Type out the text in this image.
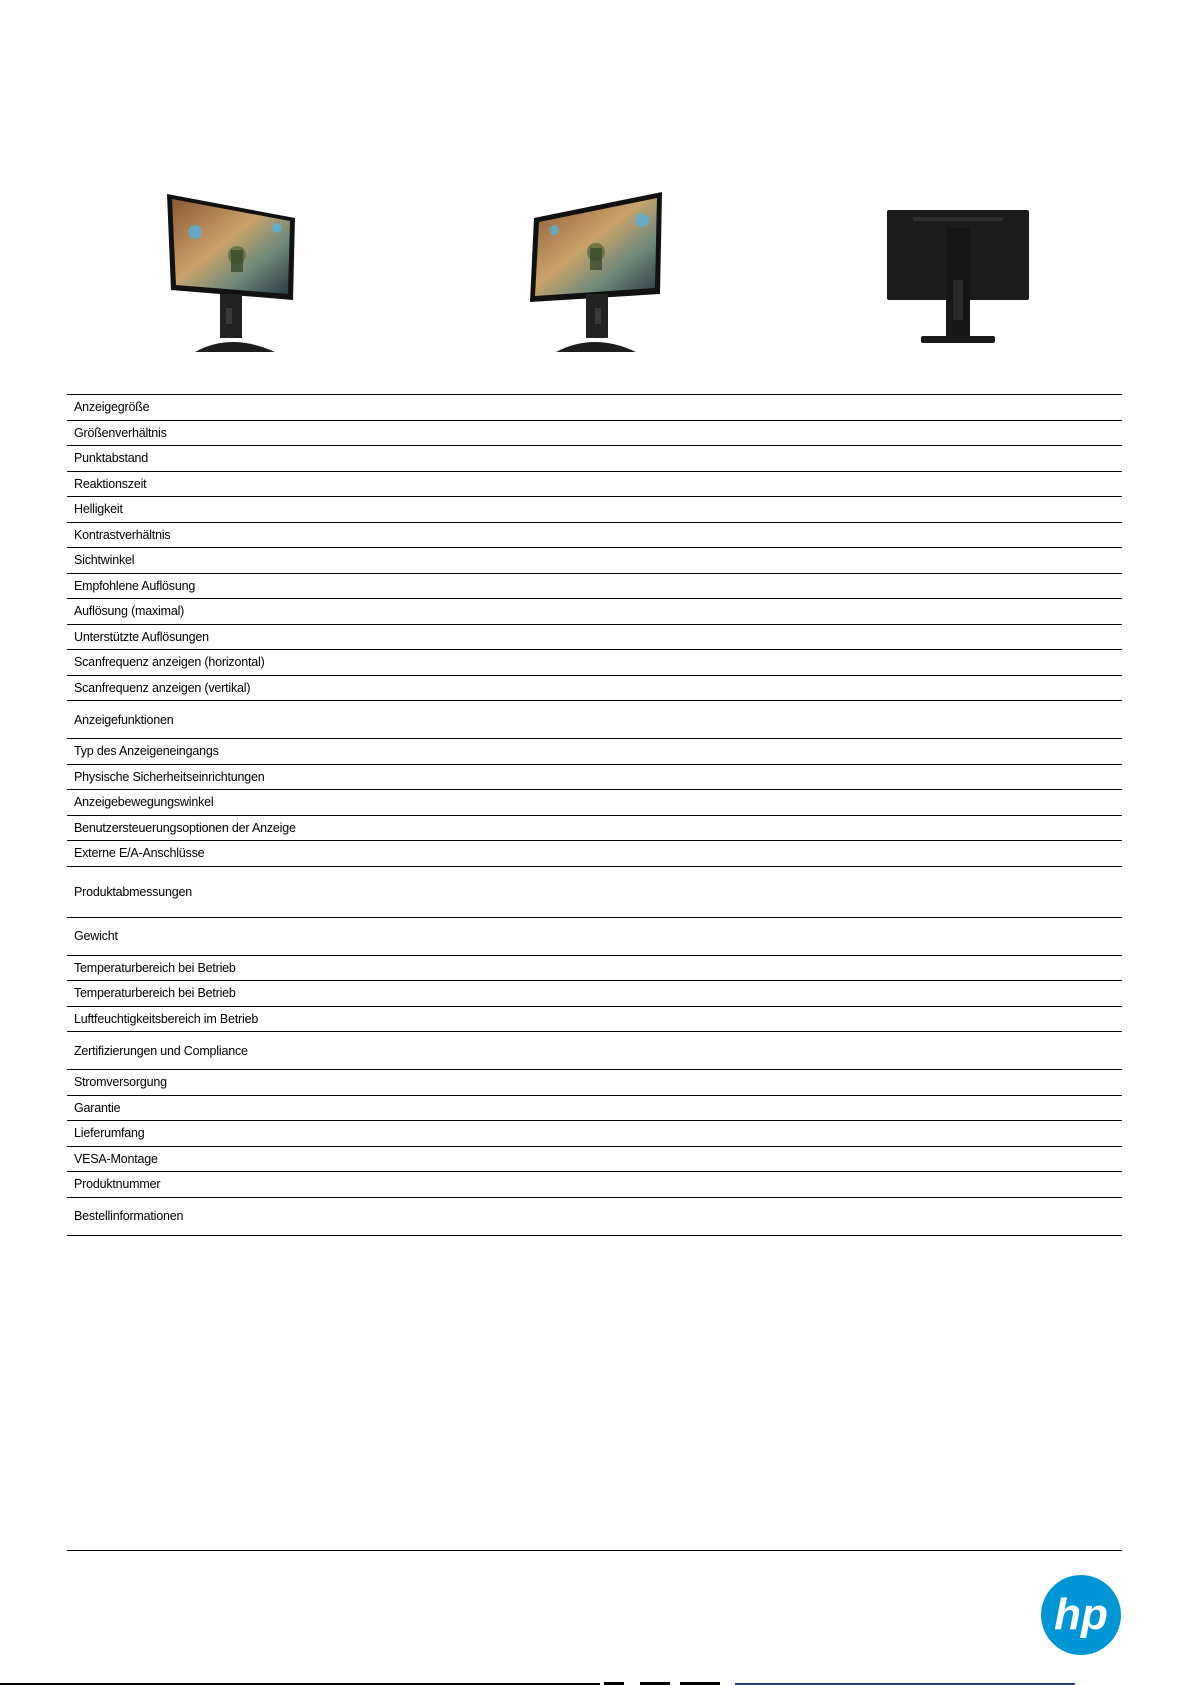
Anzeigegröße	
Größenverhältnis	
Punktabstand	
Reaktionszeit	
Helligkeit	
Kontrastverhältnis	
Sichtwinkel	
Empfohlene Auflösung	
Auflösung (maximal)	
Unterstützte Auflösungen	
Scanfrequenz anzeigen (horizontal)	
Scanfrequenz anzeigen (vertikal)	
Anzeigefunktionen	
Typ des Anzeigeneingangs	
Physische Sicherheitseinrichtungen	
Anzeigebewegungswinkel	
Benutzersteuerungsoptionen der Anzeige	
Externe E/A-Anschlüsse	
Produktabmessungen	
Gewicht	
Temperaturbereich bei Betrieb	
Temperaturbereich bei Betrieb	
Luftfeuchtigkeitsbereich im Betrieb	
Zertifizierungen und Compliance	
Stromversorgung	
Garantie	
Lieferumfang	
VESA-Montage	
Produktnummer	
Bestellinformationen	
hp
